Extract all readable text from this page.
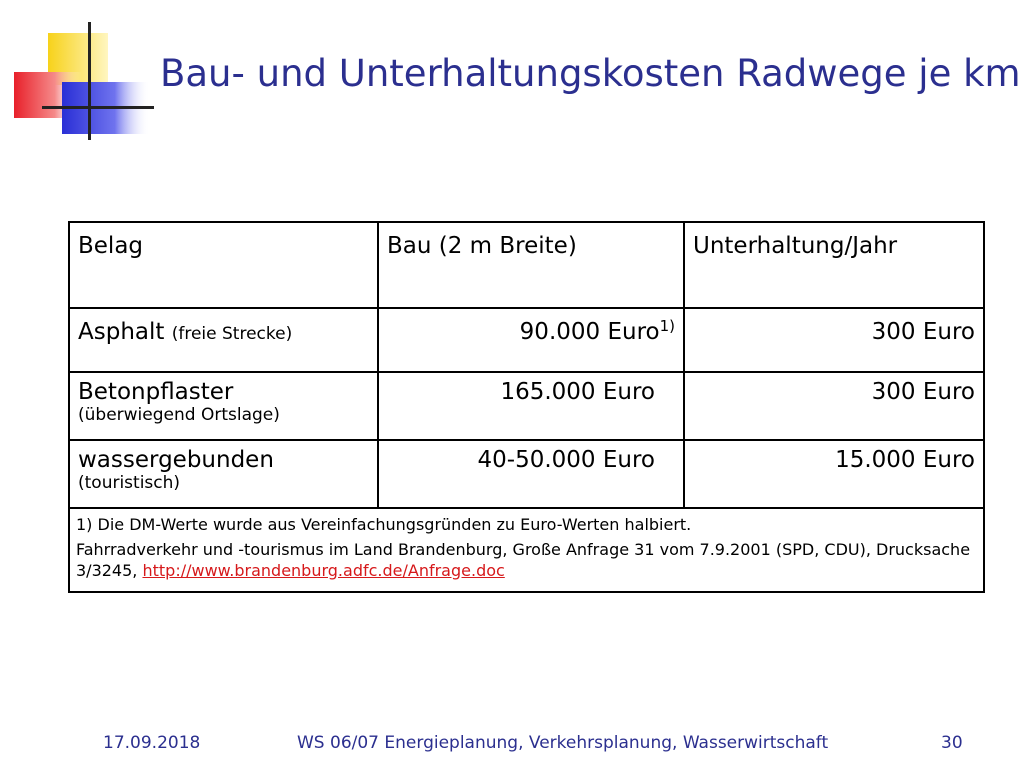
Bau- und Unterhaltungskosten Radwege je km
Belag	Bau (2 m Breite)	Unterhaltung/Jahr
Asphalt (freie Strecke)	90.000 Euro$^{1)}$	300 Euro

Betonpflaster
(überwiegend Ortslage)	165.000 Euro	300 Euro

wassergebunden
(touristisch)	40-50.000 Euro	15.000 Euro

1) Die DM-Werte wurde aus Vereinfachungsgründen zu Euro-Werten halbiert.

Fahrradverkehr und -tourismus im Land Brandenburg, Große Anfrage 31 vom 7.9.2001 (SPD, CDU), Drucksache 3/3245, http://www.brandenburg.adfc.de/Anfrage.doc		

17.09.2018	WS 06/07 Energieplanung, Verkehrsplanung, Wasserwirtschaft	30
